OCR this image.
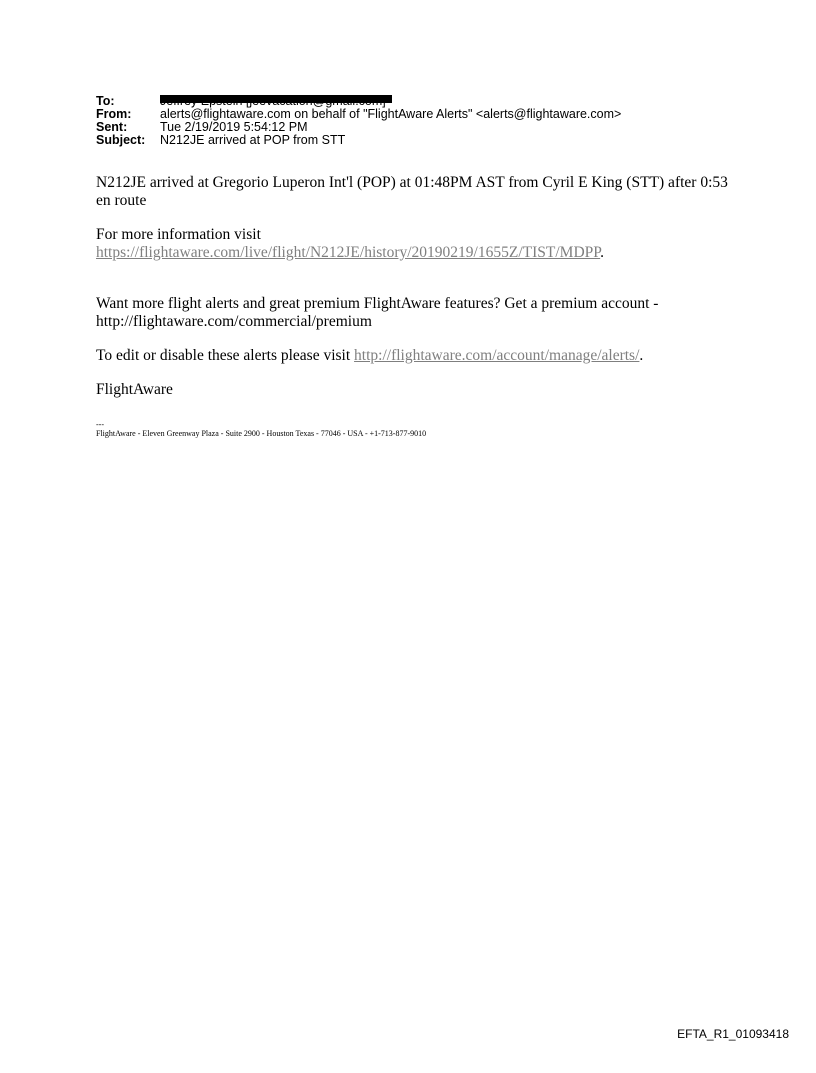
To:
From:	alerts@flightaware.com on behalf of "FlightAware Alerts" <alerts@flightaware.com>
Sent:	Tue 2/19/2019 5:54:12 PM
Subject:	N212JE arrived at POP from STT

N212JE arrived at Gregorio Luperon Int'l (POP) at 01:48PM AST from Cyril E King (STT) after 0:53 en route

For more information visit
https://flightaware.com/live/flight/N212JE/history/20190219/1655Z/TIST/MDPP.

Want more flight alerts and great premium FlightAware features? Get a premium account - http://flightaware.com/commercial/premium

To edit or disable these alerts please visit http://flightaware.com/account/manage/alerts/.

FlightAware

---
FlightAware - Eleven Greenway Plaza - Suite 2900 - Houston Texas - 77046 - USA - +1-713-877-9010
EFTA_R1_01093418
